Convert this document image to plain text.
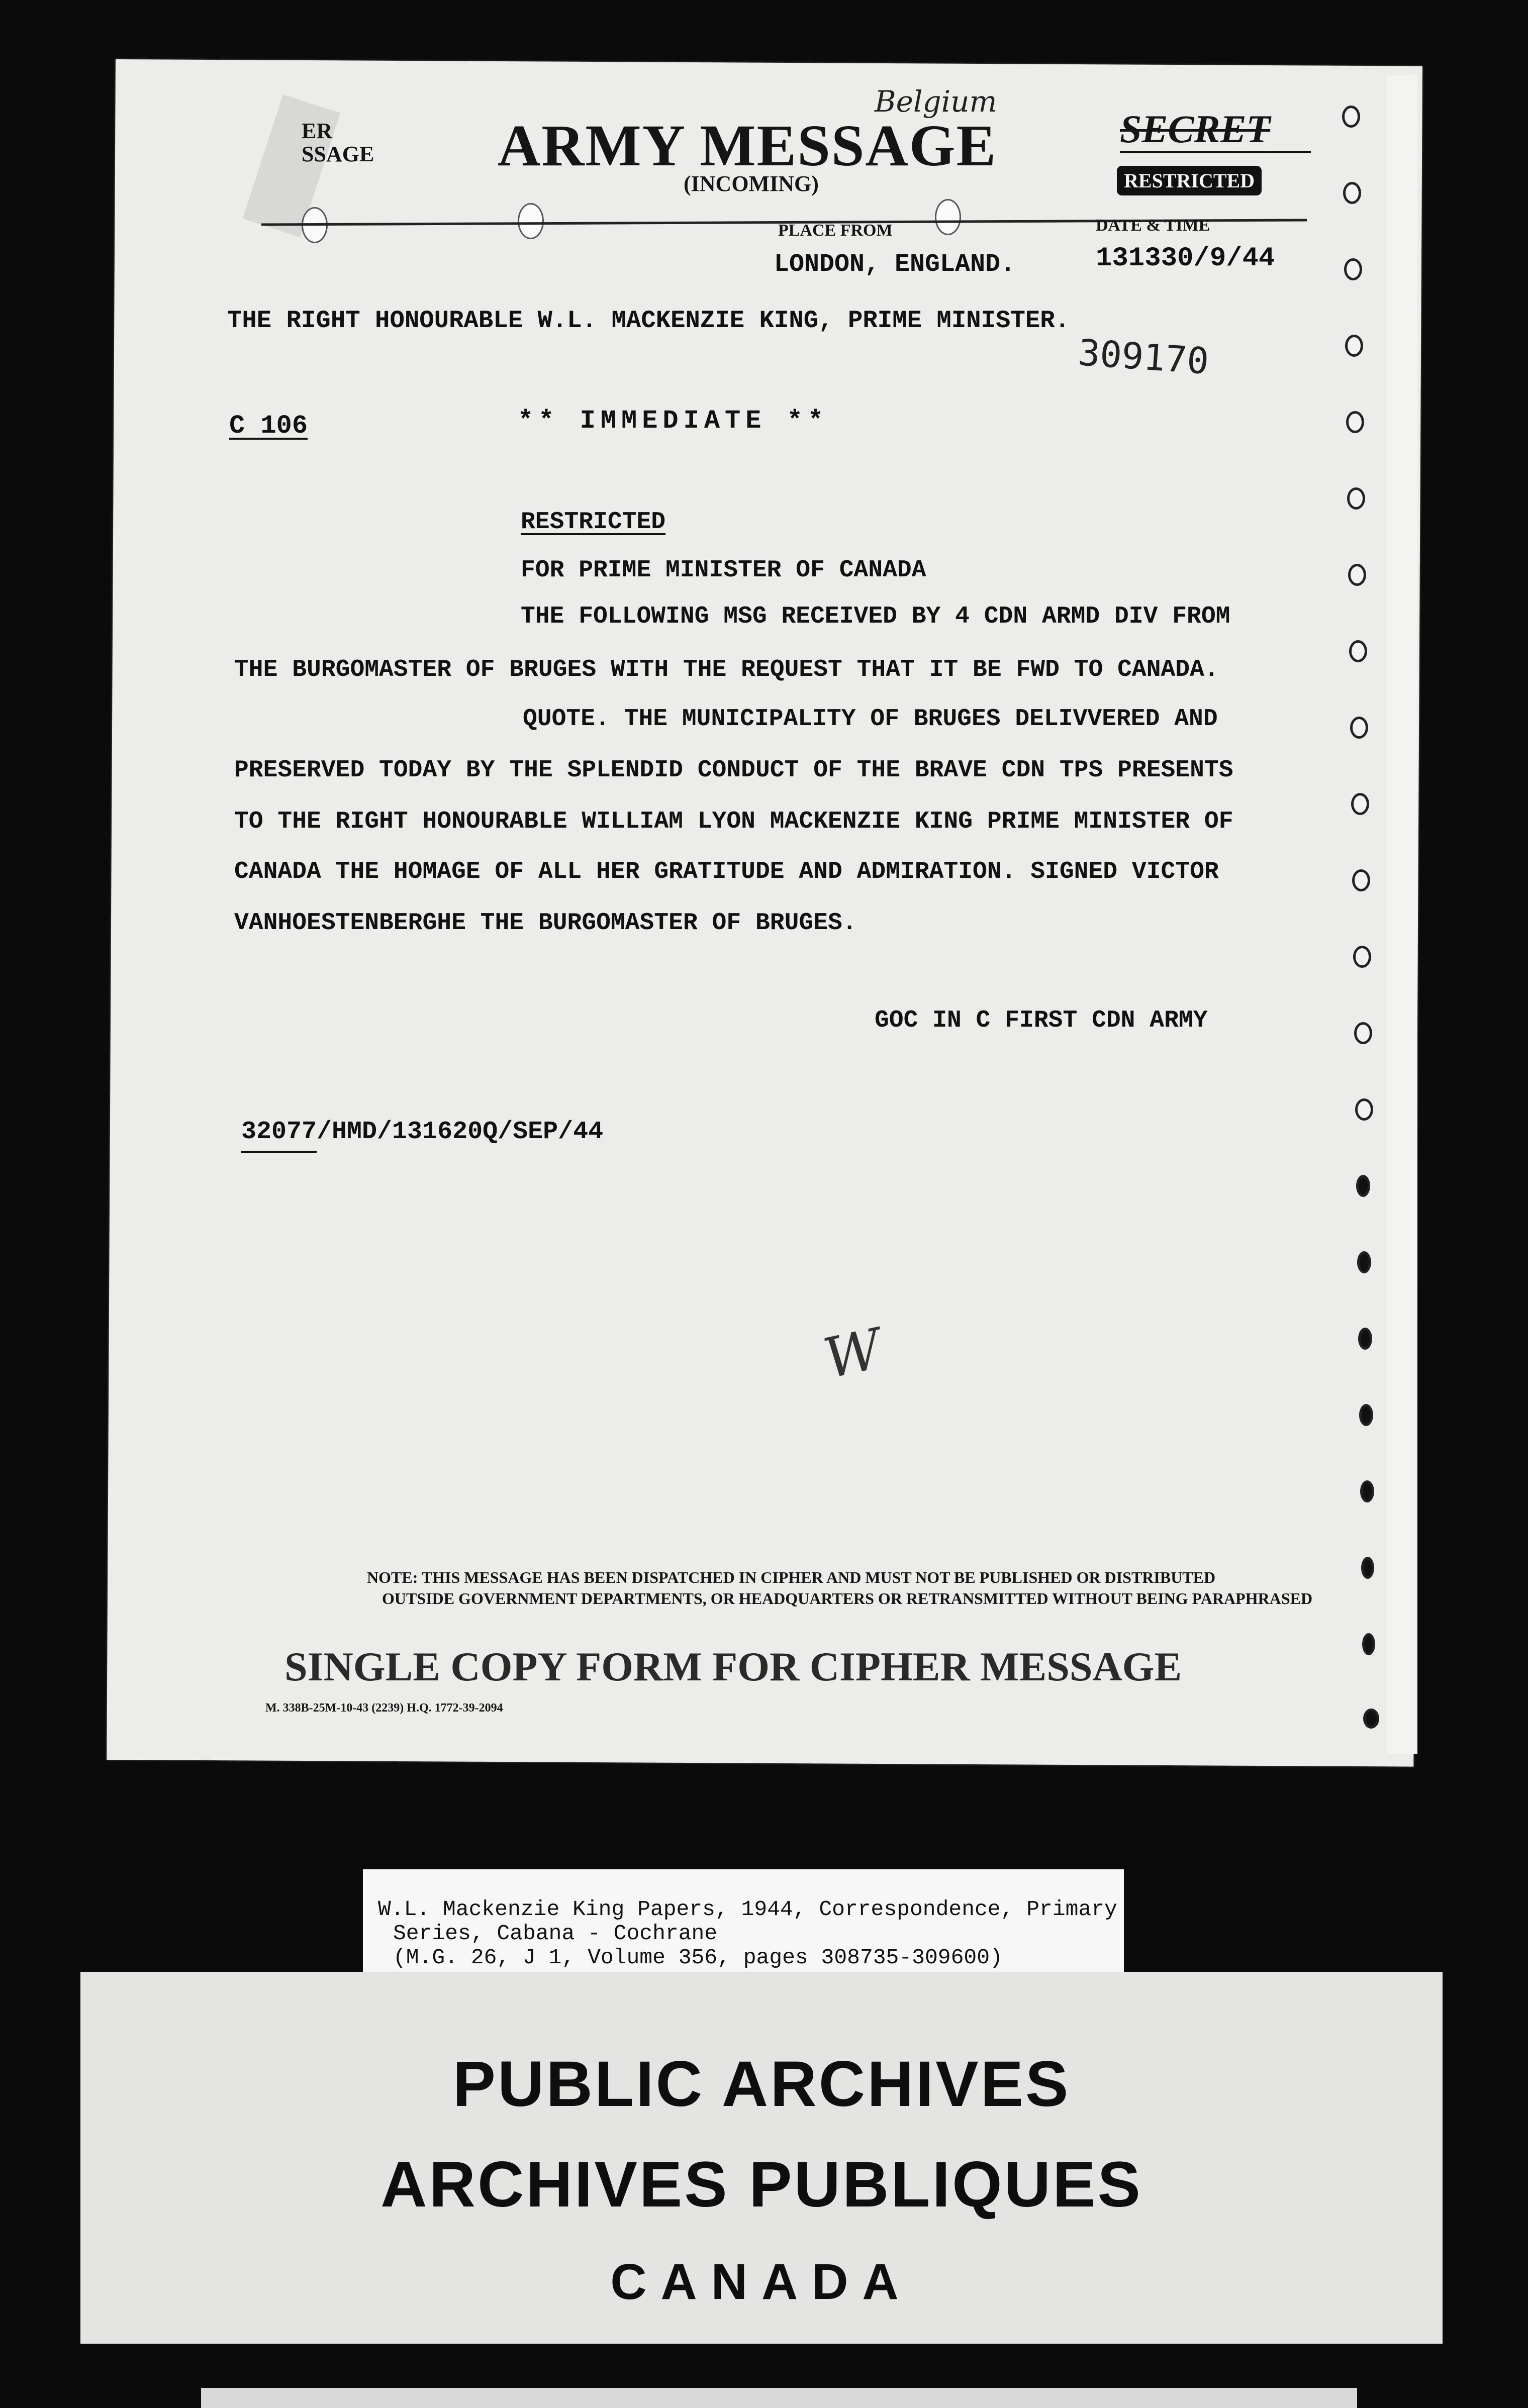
ER
SSAGE ARMY MESSAGE
(INCOMING)
Belgium
SECRET
RESTRICTED
PLACE FROM	DATE & TIME
LONDON, ENGLAND.	131330/9/44
THE RIGHT HONOURABLE W.L. MACKENZIE KING, PRIME MINISTER.
309170
C 106	** IMMEDIATE **
RESTRICTED
FOR PRIME MINISTER OF CANADA
THE FOLLOWING MSG RECEIVED BY 4 CDN ARMD DIV FROM
THE BURGOMASTER OF BRUGES WITH THE REQUEST THAT IT BE FWD TO CANADA.
QUOTE. THE MUNICIPALITY OF BRUGES DELIVVERED AND
PRESERVED TODAY BY THE SPLENDID CONDUCT OF THE BRAVE CDN TPS PRESENTS
TO THE RIGHT HONOURABLE WILLIAM LYON MACKENZIE KING PRIME MINISTER OF
CANADA THE HOMAGE OF ALL HER GRATITUDE AND ADMIRATION. SIGNED VICTOR
VANHOESTENBERGHE THE BURGOMASTER OF BRUGES.
GOC IN C FIRST CDN ARMY
32077/HMD/131620Q/SEP/44
W
NOTE: THIS MESSAGE HAS BEEN DISPATCHED IN CIPHER AND MUST NOT BE PUBLISHED OR DISTRIBUTED
OUTSIDE GOVERNMENT DEPARTMENTS, OR HEADQUARTERS OR RETRANSMITTED WITHOUT BEING PARAPHRASED
SINGLE COPY FORM FOR CIPHER MESSAGE
M. 338B-25M-10-43 (2239) H.Q. 1772-39-2094
W.L. Mackenzie King Papers, 1944, Correspondence, Primary
Series, Cabana - Cochrane
(M.G. 26, J 1, Volume 356, pages 308735-309600)
PUBLIC ARCHIVES
ARCHIVES PUBLIQUES
CANADA
